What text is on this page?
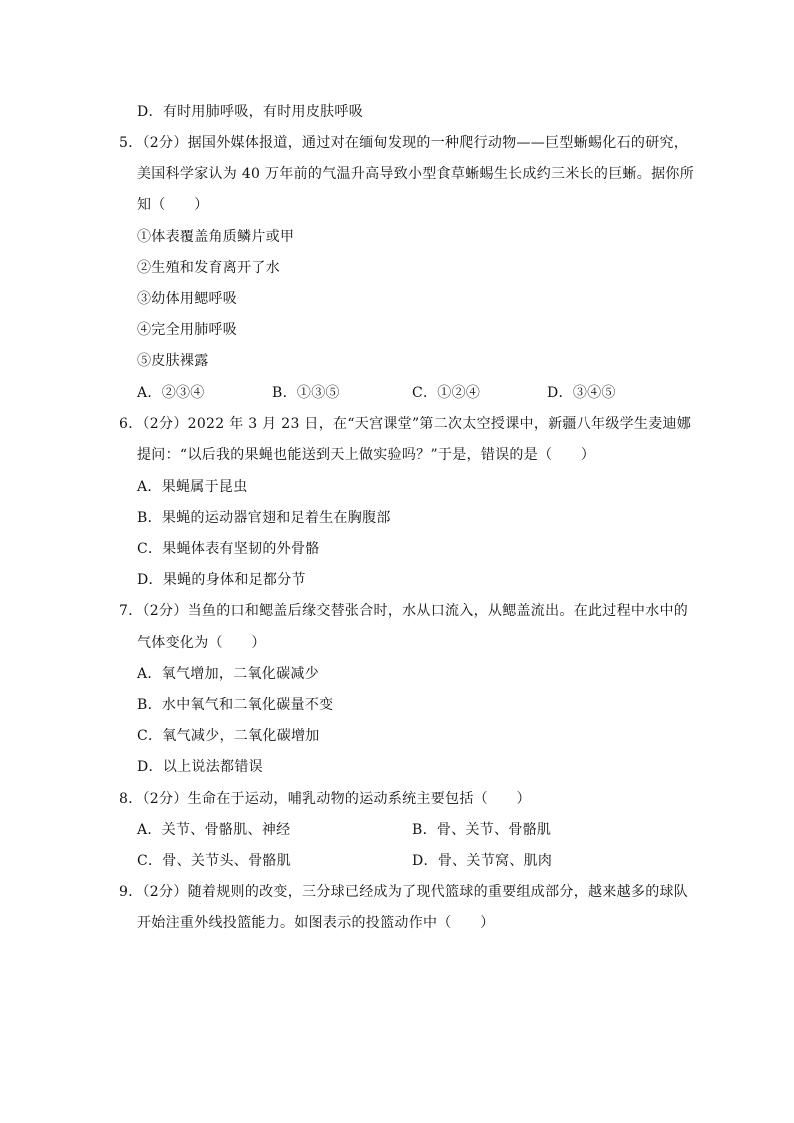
D．有时用肺呼吸，有时用皮肤呼吸
5．（2分）据国外媒体报道，通过对在缅甸发现的一种爬行动物——巨型蜥蜴化石的研究，
美国科学家认为 40 万年前的气温升高导致小型食草蜥蜴生长成约三米长的巨蜥。据你所
知（　　）
①体表覆盖角质鳞片或甲
②生殖和发育离开了水
③幼体用鳃呼吸
④完全用肺呼吸
⑤皮肤裸露
A．②③④	B．①③⑤	C．①②④	D．③④⑤
6．（2分）2022 年 3 月 23 日，在“天宫课堂”第二次太空授课中，新疆八年级学生麦迪娜
提问：“以后我的果蝇也能送到天上做实验吗？”于是，错误的是（　　）
A．果蝇属于昆虫
B．果蝇的运动器官翅和足着生在胸腹部
C．果蝇体表有坚韧的外骨骼
D．果蝇的身体和足都分节
7．（2分）当鱼的口和鳃盖后缘交替张合时，水从口流入，从鳃盖流出。在此过程中水中的
气体变化为（　　）
A．氧气增加，二氧化碳减少
B．水中氧气和二氧化碳量不变
C．氧气减少，二氧化碳增加
D．以上说法都错误
8．（2分）生命在于运动，哺乳动物的运动系统主要包括（　　）
A．关节、骨骼肌、神经	B．骨、关节、骨骼肌
C．骨、关节头、骨骼肌	D．骨、关节窝、肌肉
9．（2分）随着规则的改变，三分球已经成为了现代篮球的重要组成部分，越来越多的球队
开始注重外线投篮能力。如图表示的投篮动作中（　　）
